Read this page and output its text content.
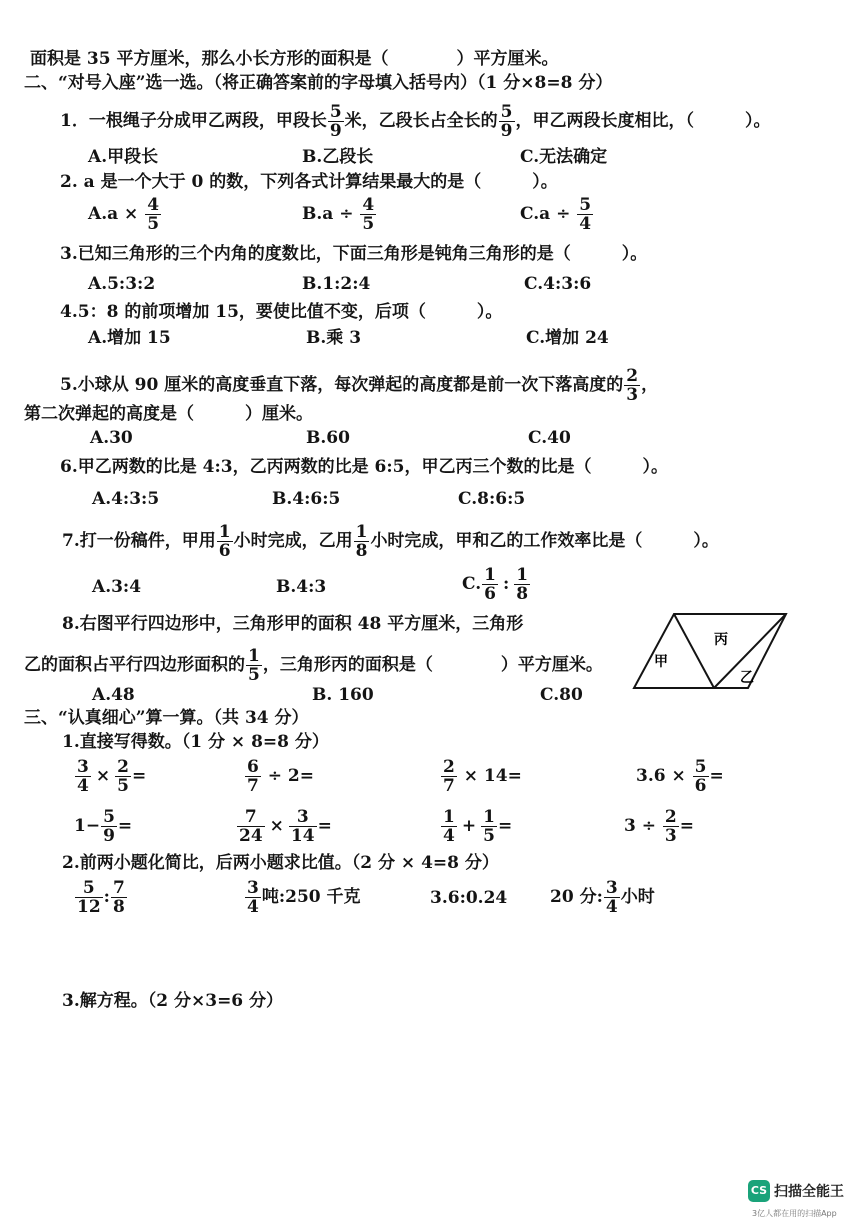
面积是 35 平方厘米，那么小长方形的面积是（　　　　）平方厘米。
二、“对号入座”选一选。（将正确答案前的字母填入括号内）（1 分×8=8 分）
1．一根绳子分成甲乙两段，甲段长 $\frac{5}{9}$ 米，乙段长占全长的 $\frac{5}{9}$ ，甲乙两段长度相比，（　　　）。
A.甲段长	B.乙段长	C.无法确定
2. a 是一个大于 0 的数，下列各式计算结果最大的是（　　　）。
$A.a \times \frac{4}{5}$	$B.a \div \frac{4}{5}$	$C.a \div \frac{5}{4}$
3.已知三角形的三个内角的度数比，下面三角形是钝角三角形的是（　　　）。
A.5:3:2	B.1:2:4	C.4:3:6
4.5：8 的前项增加 15，要使比值不变，后项（　　　）。
A.增加 15	B.乘 3	C.增加 24
5.小球从 90 厘米的高度垂直下落，每次弹起的高度都是前一次下落高度的 $\frac{2}{3}$ ，
第二次弹起的高度是（　　　）厘米。
A.30	B.60	C.40
6.甲乙两数的比是 4:3，乙丙两数的比是 6:5，甲乙丙三个数的比是（　　　）。
A.4:3:5	B.4:6:5	C.8:6:5
7.打一份稿件，甲用 $\frac{1}{6}$ 小时完成，乙用 $\frac{1}{8}$ 小时完成，甲和乙的工作效率比是（　　　）。
A.3:4	B.4:3	C. $\frac{1}{6}$ : $\frac{1}{8}$
8.右图平行四边形中，三角形甲的面积 48 平方厘米，三角形
乙的面积占平行四边形面积的 $\frac{1}{5}$ ，三角形丙的面积是（　　　　）平方厘米。
A.48	B. 160	C.80
甲
丙
乙
三、“认真细心”算一算。（共 34 分）
1.直接写得数。（1 分 × 8=8 分）
$\frac{3}{4} \times \frac{2}{5}$ =	$\frac{6}{7} \div 2=$	$\frac{2}{7} \times 14=$	$3.6 \times \frac{5}{6}$ =
$1- \frac{5}{9}$ =	$\frac{7}{24} \times \frac{3}{14}$ =	$\frac{1}{4} + \frac{1}{5}$ =	$3 \div \frac{2}{3}$ =
2.前两小题化简比，后两小题求比值。（2 分 × 4=8 分）
$\frac{5}{12}$ : $\frac{7}{8}$	$\frac{3}{4}$ 吨:250 千克	3.6:0.24	20 分: $\frac{3}{4}$ 小时
3.解方程。（2 分×3=6 分）
CS 扫描全能王
3亿人都在用的扫描App
